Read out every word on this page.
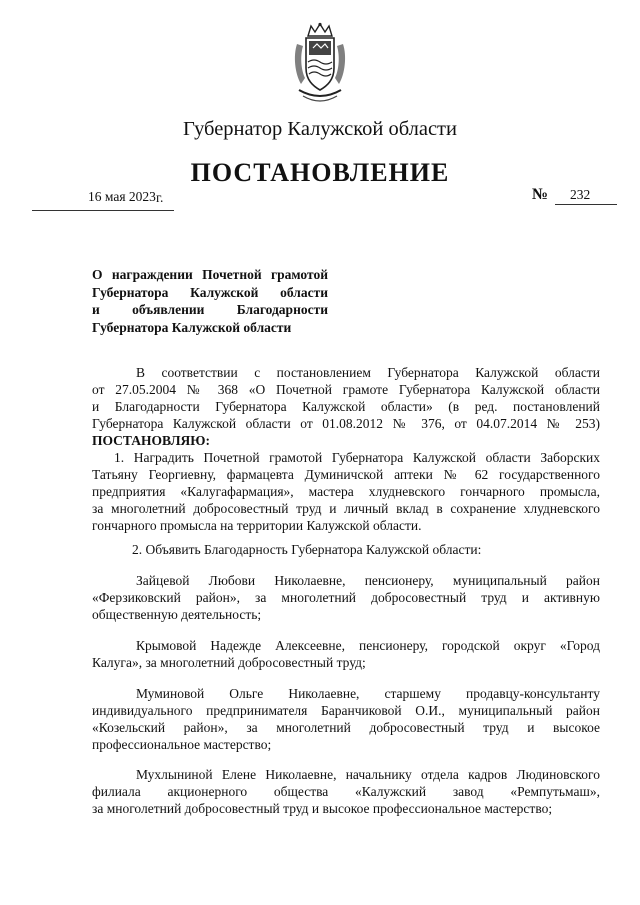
Губернатор Калужской области
ПОСТАНОВЛЕНИЕ
16 мая 2023 г.	№ 232
О награждении Почетной грамотой
Губернатора Калужской области
и объявлении Благодарности
Губернатора Калужской области
В соответствии с постановлением Губернатора Калужской области
от 27.05.2004 № 368 «О Почетной грамоте Губернатора Калужской области
и Благодарности Губернатора Калужской области» (в ред. постановлений
Губернатора Калужской области от 01.08.2012 № 376, от 04.07.2014 № 253)
ПОСТАНОВЛЯЮ:
1. Наградить Почетной грамотой Губернатора Калужской области Заборских
Татьяну Георгиевну, фармацевта Думиничской аптеки № 62 государственного
предприятия «Калугафармация», мастера хлудневского гончарного промысла,
за многолетний добросовестный труд и личный вклад в сохранение хлудневского
гончарного промысла на территории Калужской области.
2. Объявить Благодарность Губернатора Калужской области:
Зайцевой Любови Николаевне, пенсионеру, муниципальный район
«Ферзиковский район», за многолетний добросовестный труд и активную
общественную деятельность;
Крымовой Надежде Алексеевне, пенсионеру, городской округ «Город
Калуга», за многолетний добросовестный труд;
Муминовой Ольге Николаевне, старшему продавцу-консультанту
индивидуального предпринимателя Баранчиковой О.И., муниципальный район
«Козельский район», за многолетний добросовестный труд и высокое
профессиональное мастерство;
Мухлыниной Елене Николаевне, начальнику отдела кадров Людиновского
филиала акционерного общества «Калужский завод «Ремпутьмаш»,
за многолетний добросовестный труд и высокое профессиональное мастерство;
